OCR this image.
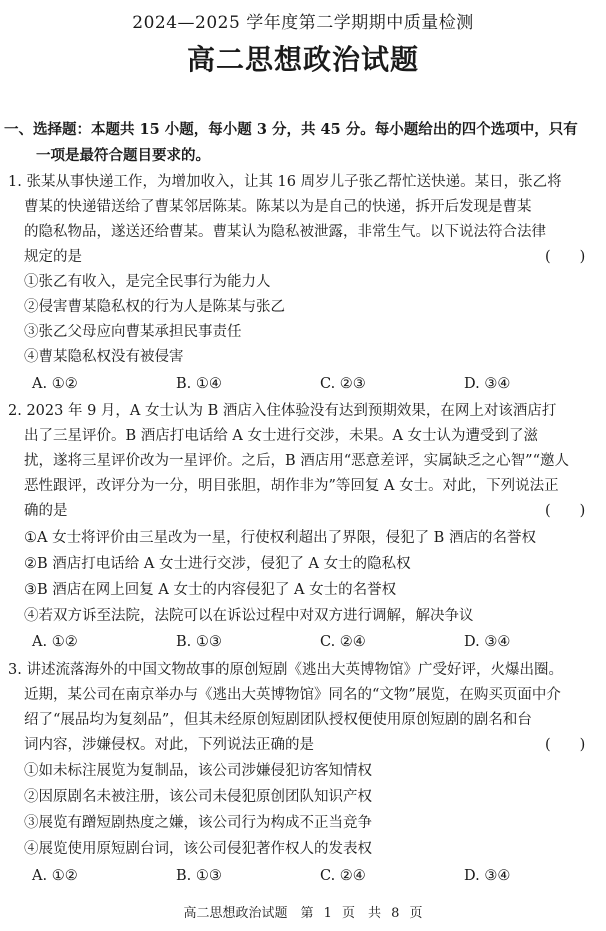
2024—2025 学年度第二学期期中质量检测
高二思想政治试题
一、选择题：本题共 15 小题，每小题 3 分，共 45 分。每小题给出的四个选项中，只有
一项是最符合题目要求的。
1. 张某从事快递工作，为增加收入，让其 16 周岁儿子张乙帮忙送快递。某日，张乙将
曹某的快递错送给了曹某邻居陈某。陈某以为是自己的快递，拆开后发现是曹某
的隐私物品，遂送还给曹某。曹某认为隐私被泄露，非常生气。以下说法符合法律
规定的是	(　　)
①张乙有收入，是完全民事行为能力人
②侵害曹某隐私权的行为人是陈某与张乙
③张乙父母应向曹某承担民事责任
④曹某隐私权没有被侵害
A. ①②	B. ①④	C. ②③	D. ③④
2. 2023 年 9 月，A 女士认为 B 酒店入住体验没有达到预期效果，在网上对该酒店打
出了三星评价。B 酒店打电话给 A 女士进行交涉，未果。A 女士认为遭受到了滋
扰，遂将三星评价改为一星评价。之后，B 酒店用“恶意差评，实属缺乏之心智”“邀人
恶性跟评，改评分为一分，明目张胆，胡作非为”等回复 A 女士。对此，下列说法正
确的是	(　　)
①A 女士将评价由三星改为一星，行使权利超出了界限，侵犯了 B 酒店的名誉权
②B 酒店打电话给 A 女士进行交涉，侵犯了 A 女士的隐私权
③B 酒店在网上回复 A 女士的内容侵犯了 A 女士的名誉权
④若双方诉至法院，法院可以在诉讼过程中对双方进行调解，解决争议
A. ①②	B. ①③	C. ②④	D. ③④
3. 讲述流落海外的中国文物故事的原创短剧《逃出大英博物馆》广受好评，火爆出圈。
近期，某公司在南京举办与《逃出大英博物馆》同名的“文物”展览，在购买页面中介
绍了“展品均为复刻品”，但其未经原创短剧团队授权便使用原创短剧的剧名和台
词内容，涉嫌侵权。对此，下列说法正确的是	(　　)
①如未标注展览为复制品，该公司涉嫌侵犯访客知情权
②因原剧名未被注册，该公司未侵犯原创团队知识产权
③展览有蹭短剧热度之嫌，该公司行为构成不正当竞争
④展览使用原短剧台词，该公司侵犯著作权人的发表权
A. ①②	B. ①③	C. ②④	D. ③④
高二思想政治试题　第 1 页　共 8 页
